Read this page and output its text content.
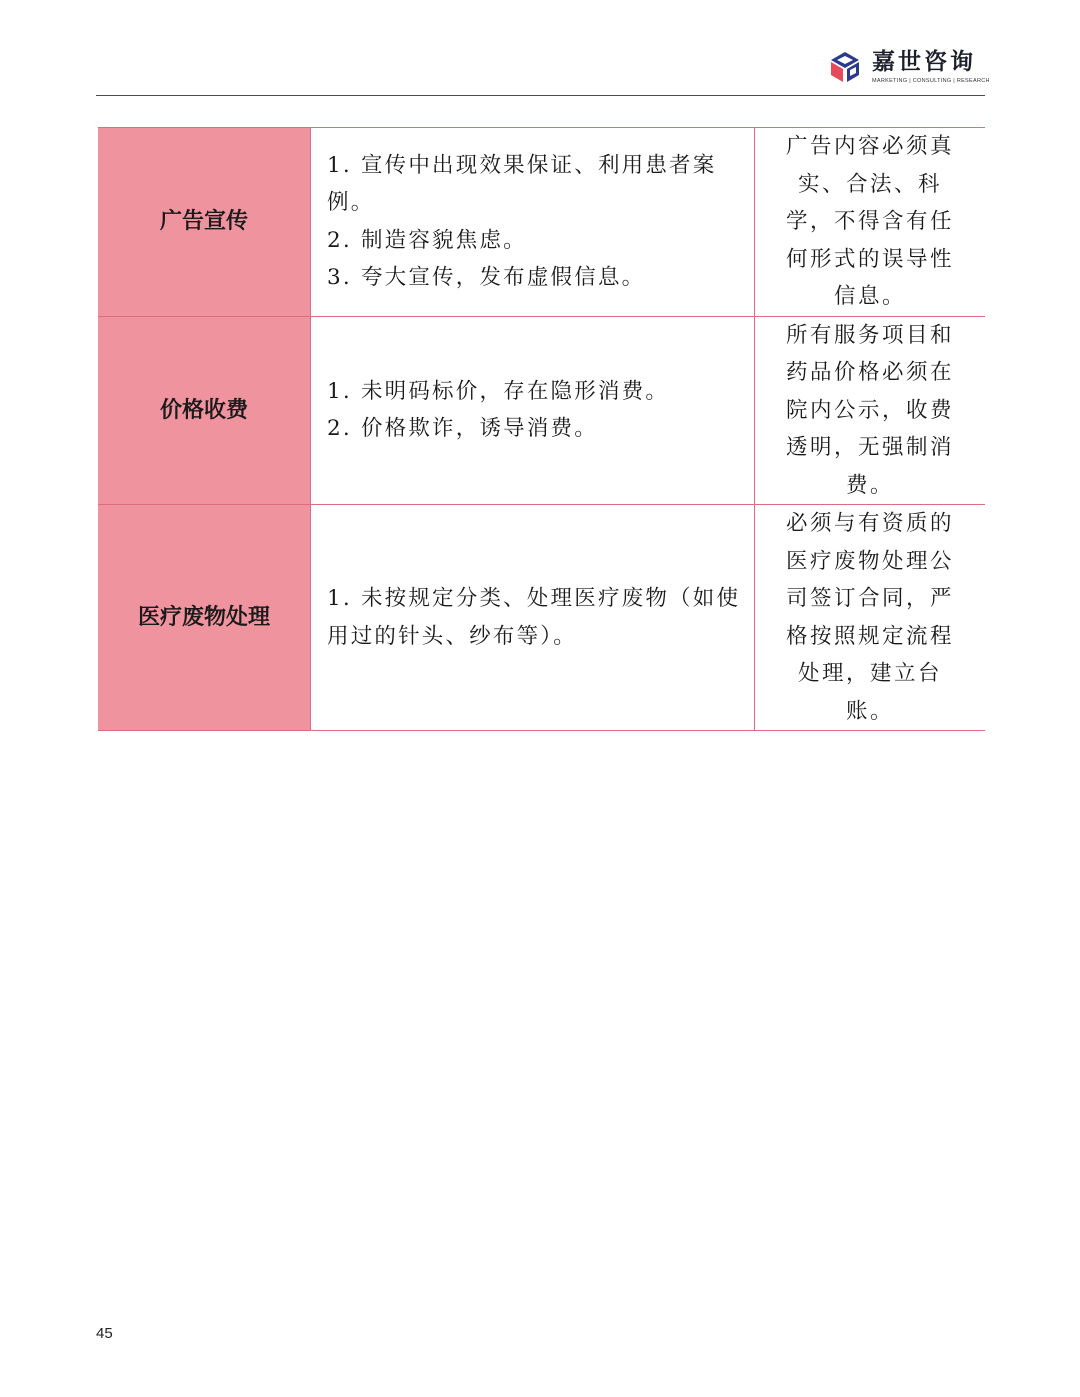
嘉世咨询
MARKETING | CONSULTING | RESEARCH
广告宣传	1. 宣传中出现效果保证、利用患者案例。
2. 制造容貌焦虑。
3. 夸大宣传，发布虚假信息。	广告内容必须真实、合法、科学，不得含有任何形式的误导性信息。

价格收费	1. 未明码标价，存在隐形消费。
2. 价格欺诈，诱导消费。	所有服务项目和药品价格必须在院内公示，收费透明，无强制消费。

医疗废物处理	1. 未按规定分类、处理医疗废物（如使用过的针头、纱布等）。	必须与有资质的医疗废物处理公司签订合同，严格按照规定流程处理，建立台账。
45
